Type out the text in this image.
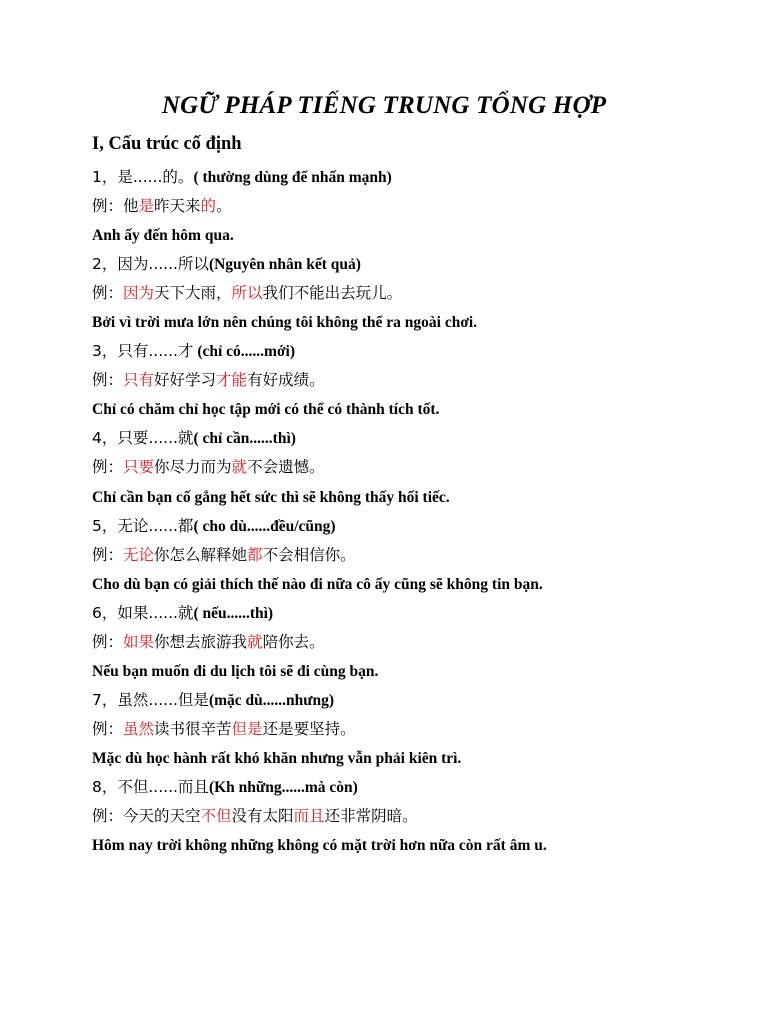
NGỮ PHÁP TIẾNG TRUNG TỔNG HỢP
I, Cấu trúc cố định
1，是......的。( thường dùng để nhấn mạnh)
例：他是昨天来的。
Anh ấy đến hôm qua.
2，因为......所以(Nguyên nhân kết quả)
例：因为天下大雨，所以我们不能出去玩儿。
Bởi vì trời mưa lớn nên chúng tôi không thể ra ngoài chơi.
3，只有......才 (chỉ có......mới)
例：只有好好学习才能有好成绩。
Chỉ có chăm chỉ học tập mới có thể có thành tích tốt.
4，只要......就( chỉ cần......thì)
例：只要你尽力而为就不会遗憾。
Chỉ cần bạn cố gắng hết sức thì sẽ không thấy hối tiếc.
5，无论......都( cho dù......đều/cũng)
例：无论你怎么解释她都不会相信你。
Cho dù bạn có giải thích thế nào đi nữa cô ấy cũng sẽ không tin bạn.
6，如果......就( nếu......thì)
例：如果你想去旅游我就陪你去。
Nếu bạn muốn đi du lịch tôi sẽ đi cùng bạn.
7，虽然......但是(mặc dù......nhưng)
例：虽然读书很辛苦但是还是要坚持。
Mặc dù học hành rất khó khăn nhưng vẫn phải kiên trì.
8，不但......而且(Kh những......mà còn)
例：今天的天空不但没有太阳而且还非常阴暗。
Hôm nay trời không những không có mặt trời hơn nữa còn rất âm u.
